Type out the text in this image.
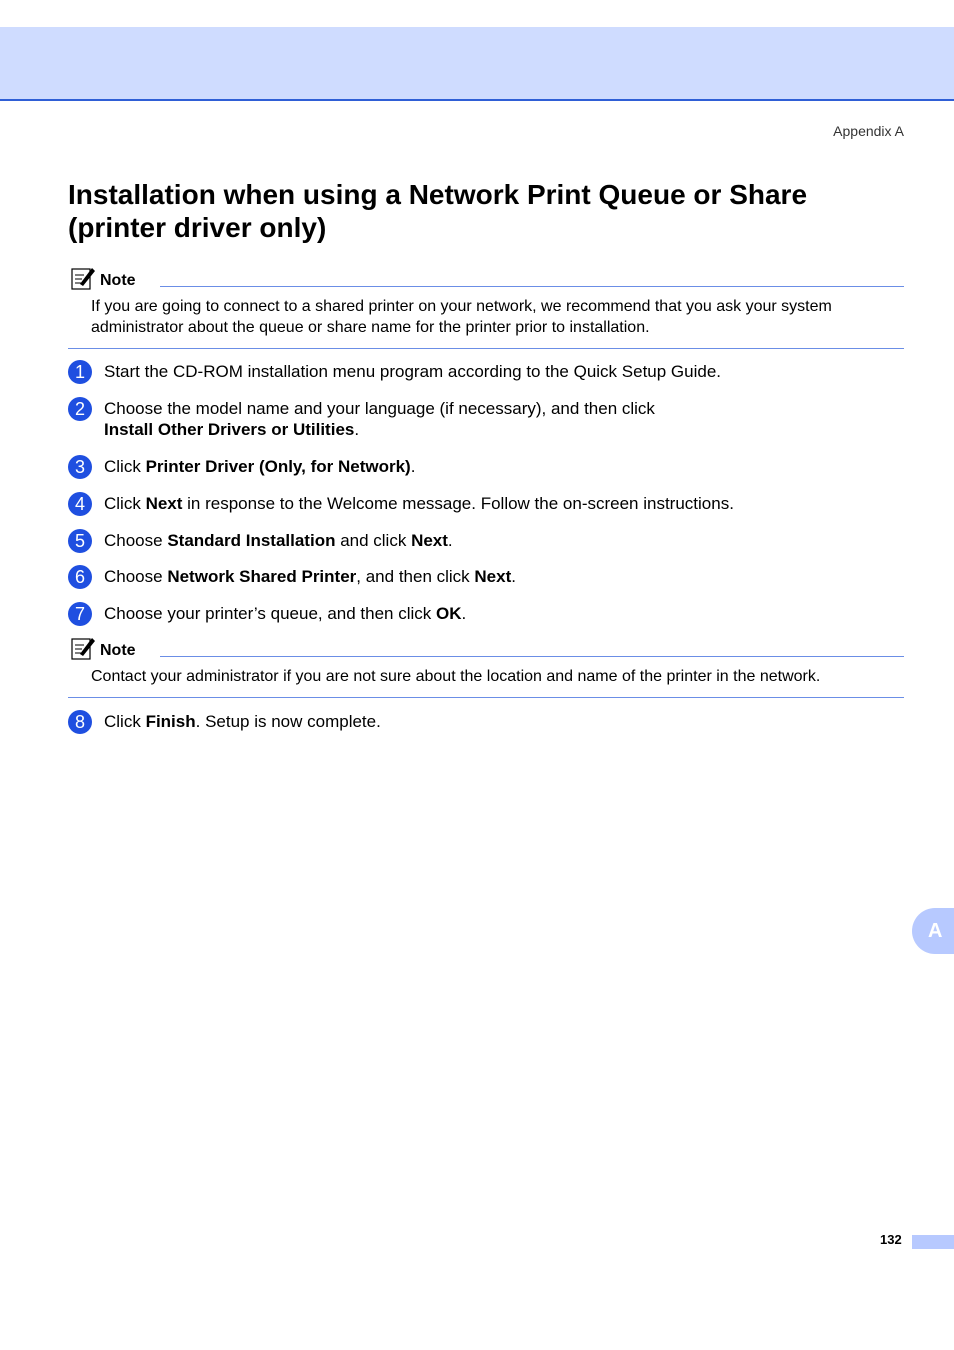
Appendix A
Installation when using a Network Print Queue or Share (printer driver only)
Note
If you are going to connect to a shared printer on your network, we recommend that you ask your system administrator about the queue or share name for the printer prior to installation.
1	Start the CD-ROM installation menu program according to the Quick Setup Guide.
2	Choose the model name and your language (if necessary), and then click Install Other Drivers or Utilities.
3	Click Printer Driver (Only, for Network).
4	Click Next in response to the Welcome message. Follow the on-screen instructions.
5	Choose Standard Installation and click Next.
6	Choose Network Shared Printer, and then click Next.
7	Choose your printer’s queue, and then click OK.
Note
Contact your administrator if you are not sure about the location and name of the printer in the network.
8	Click Finish. Setup is now complete.
A
132
